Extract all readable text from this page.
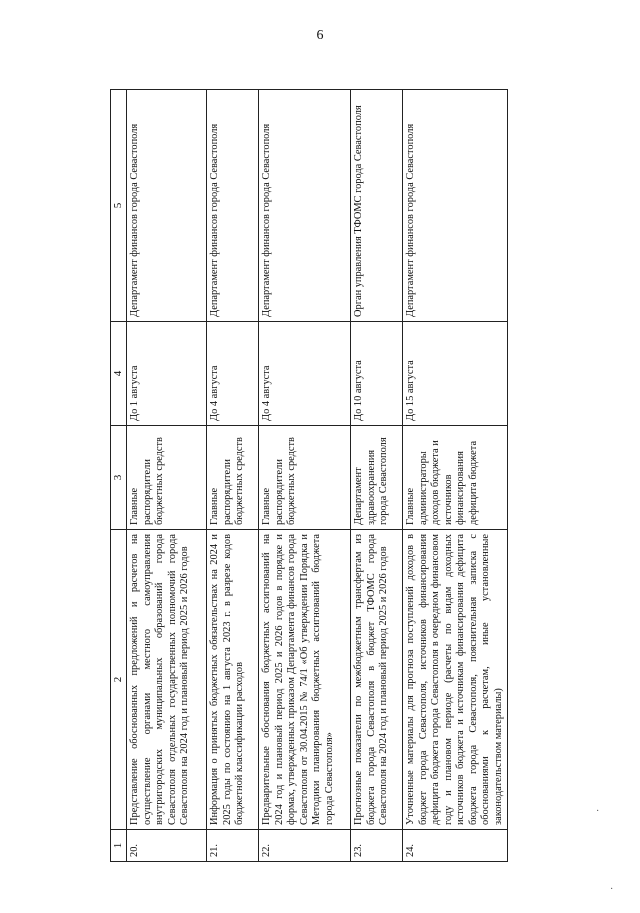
6
1	2	3	4	5
20.	Представление обоснованных предложений и расчетов на осуществление органами местного самоуправления внутригородских муниципальных образований города Севастополя отдельных государственных полномочий города Севастополя на 2024 год и плановый период 2025 и 2026 годов	Главные распорядители бюджетных средств	До 1 августа	Департамент финансов города Севастополя
21.	Информация о принятых бюджетных обязательствах на 2024 и 2025 годы по состоянию на 1 августа 2023 г. в разрезе кодов бюджетной классификации расходов	Главные распорядители бюджетных средств	До 4 августа	Департамент финансов города Севастополя
22.	Предварительные обоснования бюджетных ассигнований на 2024 год и плановый период 2025 и 2026 годов в порядке и формах, утвержденных приказом Департамента финансов города Севастополя от 30.04.2015 № 74/1 «Об утверждении Порядка и Методики планирования бюджетных ассигнований бюджета города Севастополя»	Главные распорядители бюджетных средств	До 4 августа	Департамент финансов города Севастополя
23.	Прогнозные показатели по межбюджетным трансфертам из бюджета города Севастополя в бюджет ТФОМС города Севастополя на 2024 год и плановый период 2025 и 2026 годов	Департамент здравоохранения города Севастополя	До 10 августа	Орган управления ТФОМС города Севастополя
24.	Уточненные материалы для прогноза поступлений доходов в бюджет города Севастополя, источников финансирования дефицита бюджета города Севастополя в очередном финансовом году и плановом периоде (расчеты по видам доходных источников бюджета и источникам финансирования дефицита бюджета города Севастополя, пояснительная записка с обоснованиями к расчетам, иные установленные законодательством материалы)	Главные администраторы доходов бюджета и источников финансирования дефицита бюджета	До 15 августа	Департамент финансов города Севастополя
·
·
